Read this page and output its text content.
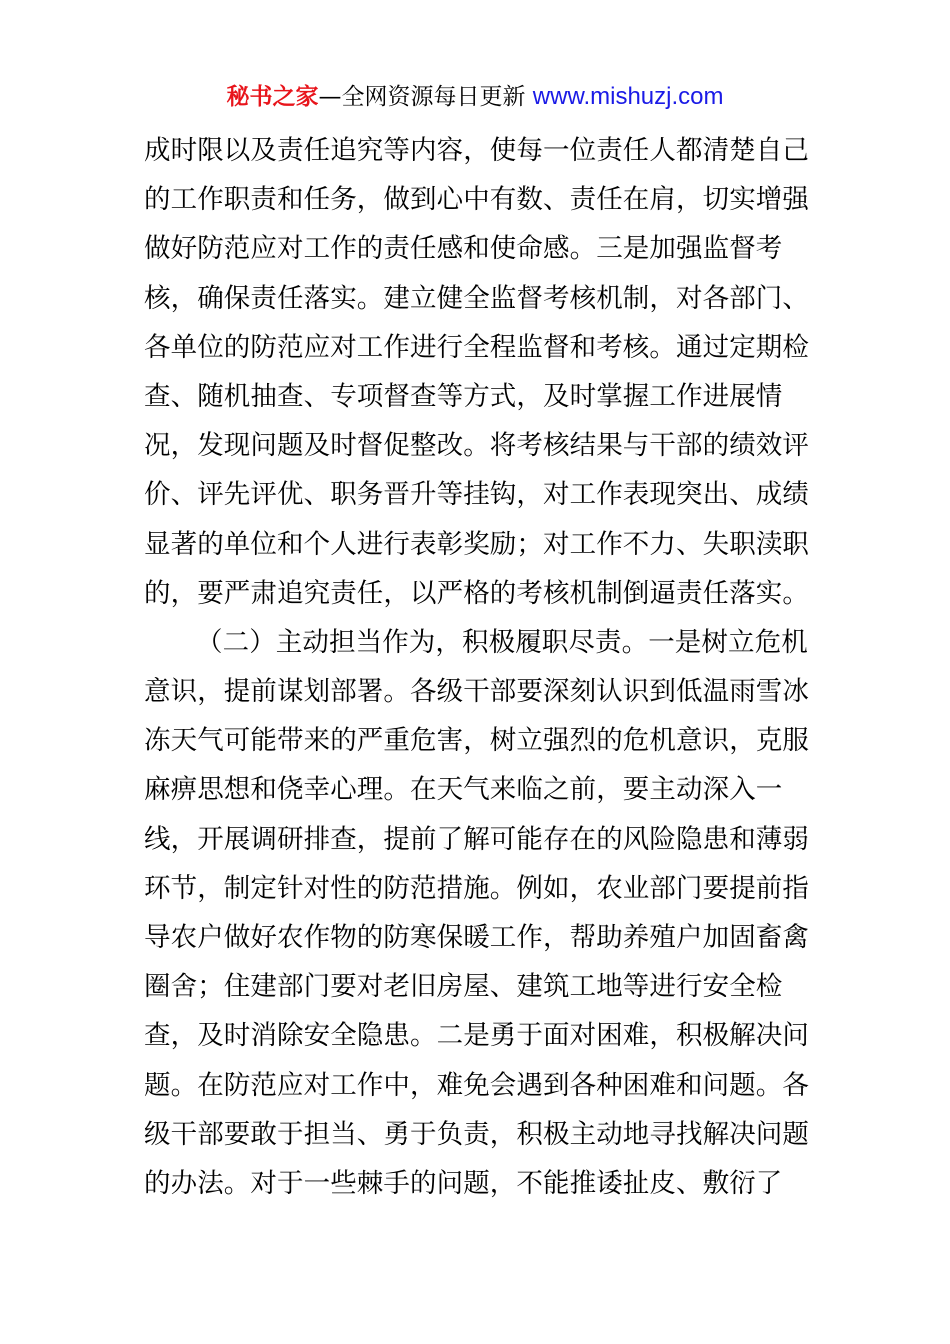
秘书之家—全网资源每日更新 www.mishuzj.com
成时限以及责任追究等内容，使每一位责任人都清楚自己
的工作职责和任务，做到心中有数、责任在肩，切实增强
做好防范应对工作的责任感和使命感。三是加强监督考
核，确保责任落实。建立健全监督考核机制，对各部门、
各单位的防范应对工作进行全程监督和考核。通过定期检
查、随机抽查、专项督查等方式，及时掌握工作进展情
况，发现问题及时督促整改。将考核结果与干部的绩效评
价、评先评优、职务晋升等挂钩，对工作表现突出、成绩
显著的单位和个人进行表彰奖励；对工作不力、失职渎职
的，要严肃追究责任，以严格的考核机制倒逼责任落实。
（二）主动担当作为，积极履职尽责。一是树立危机
意识，提前谋划部署。各级干部要深刻认识到低温雨雪冰
冻天气可能带来的严重危害，树立强烈的危机意识，克服
麻痹思想和侥幸心理。在天气来临之前，要主动深入一
线，开展调研排查，提前了解可能存在的风险隐患和薄弱
环节，制定针对性的防范措施。例如，农业部门要提前指
导农户做好农作物的防寒保暖工作，帮助养殖户加固畜禽
圈舍；住建部门要对老旧房屋、建筑工地等进行安全检
查，及时消除安全隐患。二是勇于面对困难，积极解决问
题。在防范应对工作中，难免会遇到各种困难和问题。各
级干部要敢于担当、勇于负责，积极主动地寻找解决问题
的办法。对于一些棘手的问题，不能推诿扯皮、敷衍了
